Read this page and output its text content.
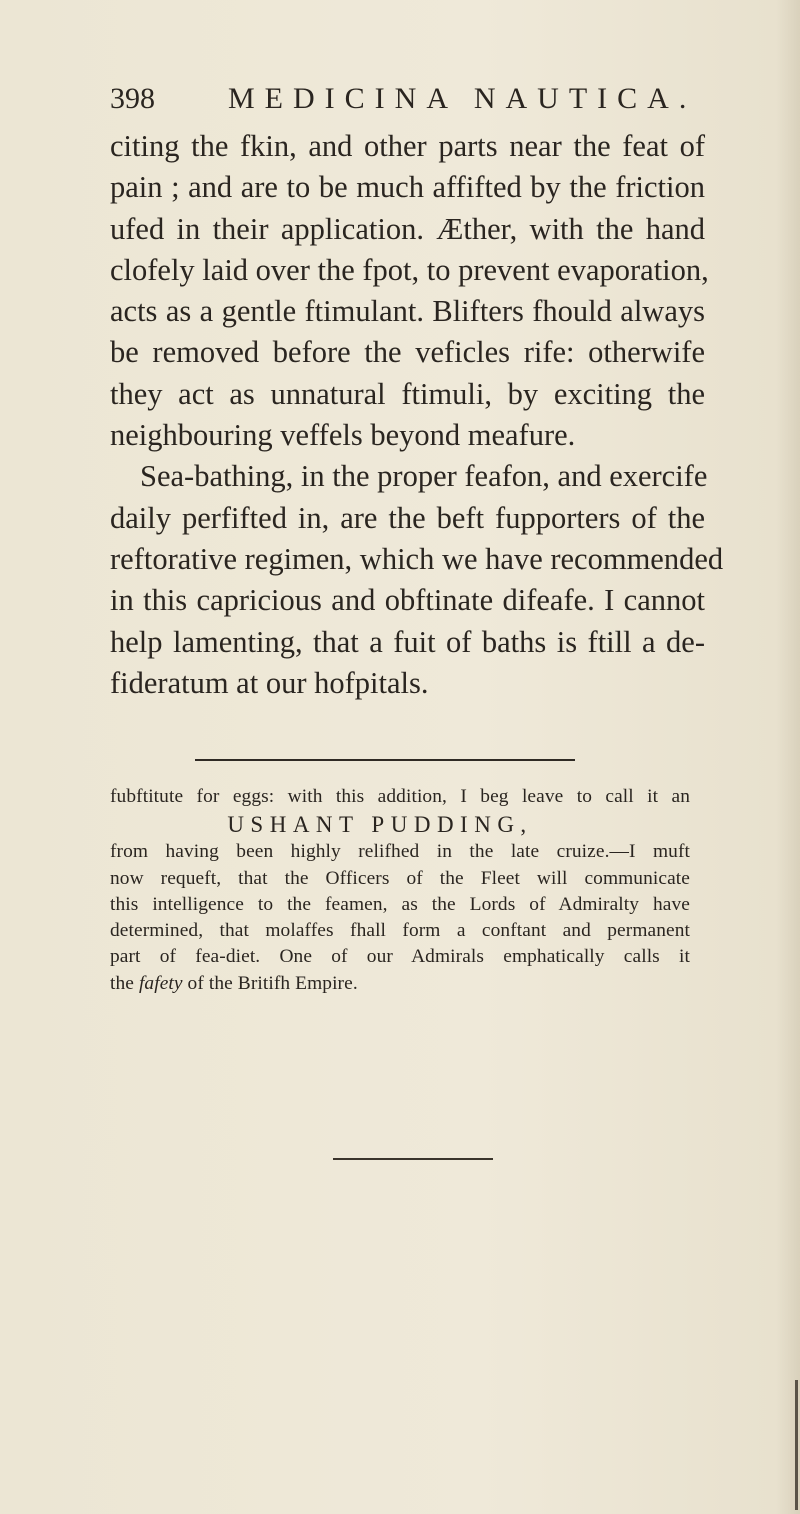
398 MEDICINA NAUTICA.

citing the fkin, and other parts near the feat of
pain ; and are to be much affifted by the friction
ufed in their application. Æther, with the hand
clofely laid over the fpot, to prevent evaporation,
acts as a gentle ftimulant. Blifters fhould always
be removed before the veficles rife: otherwife
they act as unnatural ftimuli, by exciting the
neighbouring veffels beyond meafure.

Sea-bathing, in the proper feafon, and exercife
daily perfifted in, are the beft fupporters of the
reftorative regimen, which we have recommended
in this capricious and obftinate difeafe. I cannot
help lamenting, that a fuit of baths is ftill a de-
fideratum at our hofpitals.

fubftitute for eggs: with this addition, I beg leave to call it an
USHANT PUDDING,
from having been highly relifhed in the late cruize.—I muft
now requeft, that the Officers of the Fleet will communicate
this intelligence to the feamen, as the Lords of Admiralty have
determined, that molaffes fhall form a conftant and permanent
part of fea-diet. One of our Admirals emphatically calls it
the fafety of the Britifh Empire.
